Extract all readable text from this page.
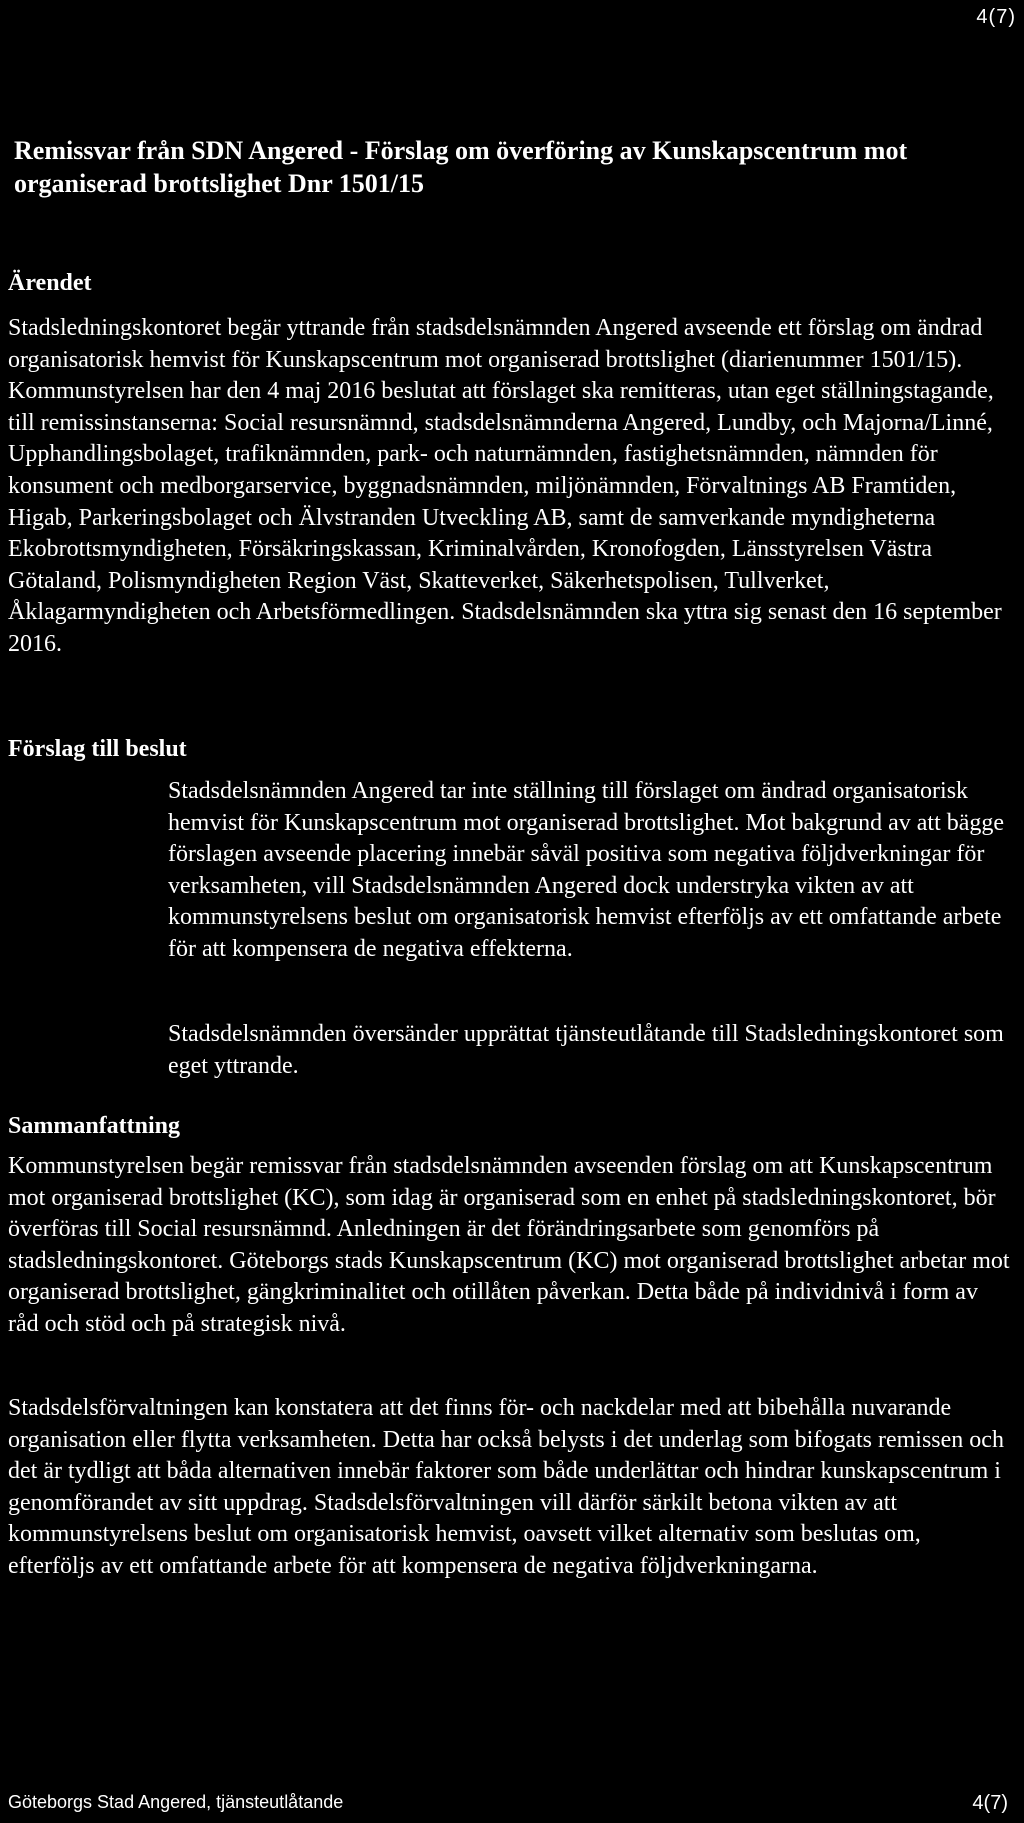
4(7)
Remissvar från SDN Angered - Förslag om överföring av Kunskapscentrum mot organiserad brottslighet Dnr 1501/15
Ärendet

Stadsledningskontoret begär yttrande från stadsdelsnämnden Angered avseende ett förslag om ändrad organisatorisk hemvist för Kunskapscentrum mot organiserad brottslighet (diarienummer 1501/15). Kommunstyrelsen har den 4 maj 2016 beslutat att förslaget ska remitteras, utan eget ställningstagande, till remissinstanserna: Social resursnämnd, stadsdelsnämnderna Angered, Lundby, och Majorna/Linné, Upphandlingsbolaget, trafiknämnden, park- och naturnämnden, fastighetsnämnden, nämnden för konsument och medborgarservice, byggnadsnämnden, miljönämnden, Förvaltnings AB Framtiden, Higab, Parkeringsbolaget och Älvstranden Utveckling AB, samt de samverkande myndigheterna Ekobrottsmyndigheten, Försäkringskassan, Kriminalvården, Kronofogden, Länsstyrelsen Västra Götaland, Polismyndigheten Region Väst, Skatteverket, Säkerhetspolisen, Tullverket, Åklagarmyndigheten och Arbetsförmedlingen. Stadsdelsnämnden ska yttra sig senast den 16 september 2016.

Förslag till beslut

Stadsdelsnämnden Angered tar inte ställning till förslaget om ändrad organisatorisk hemvist för Kunskapscentrum mot organiserad brottslighet. Mot bakgrund av att bägge förslagen avseende placering innebär såväl positiva som negativa följdverkningar för verksamheten, vill Stadsdelsnämnden Angered dock understryka vikten av att kommunstyrelsens beslut om organisatorisk hemvist efterföljs av ett omfattande arbete för att kompensera de negativa effekterna.

Stadsdelsnämnden översänder upprättat tjänsteutlåtande till Stadsledningskontoret som eget yttrande.

Sammanfattning

Kommunstyrelsen begär remissvar från stadsdelsnämnden avseenden förslag om att Kunskapscentrum mot organiserad brottslighet (KC), som idag är organiserad som en enhet på stadsledningskontoret, bör överföras till Social resursnämnd. Anledningen är det förändringsarbete som genomförs på stadsledningskontoret. Göteborgs stads Kunskapscentrum (KC) mot organiserad brottslighet arbetar mot organiserad brottslighet, gängkriminalitet och otillåten påverkan. Detta både på individnivå i form av råd och stöd och på strategisk nivå.

Stadsdelsförvaltningen kan konstatera att det finns för- och nackdelar med att bibehålla nuvarande organisation eller flytta verksamheten. Detta har också belysts i det underlag som bifogats remissen och det är tydligt att båda alternativen innebär faktorer som både underlättar och hindrar kunskapscentrum i genomförandet av sitt uppdrag. Stadsdelsförvaltningen vill därför särkilt betona vikten av att kommunstyrelsens beslut om organisatorisk hemvist, oavsett vilket alternativ som beslutas om, efterföljs av ett omfattande arbete för att kompensera de negativa följdverkningarna.

Göteborgs Stad Angered, tjänsteutlåtande	4(7)
